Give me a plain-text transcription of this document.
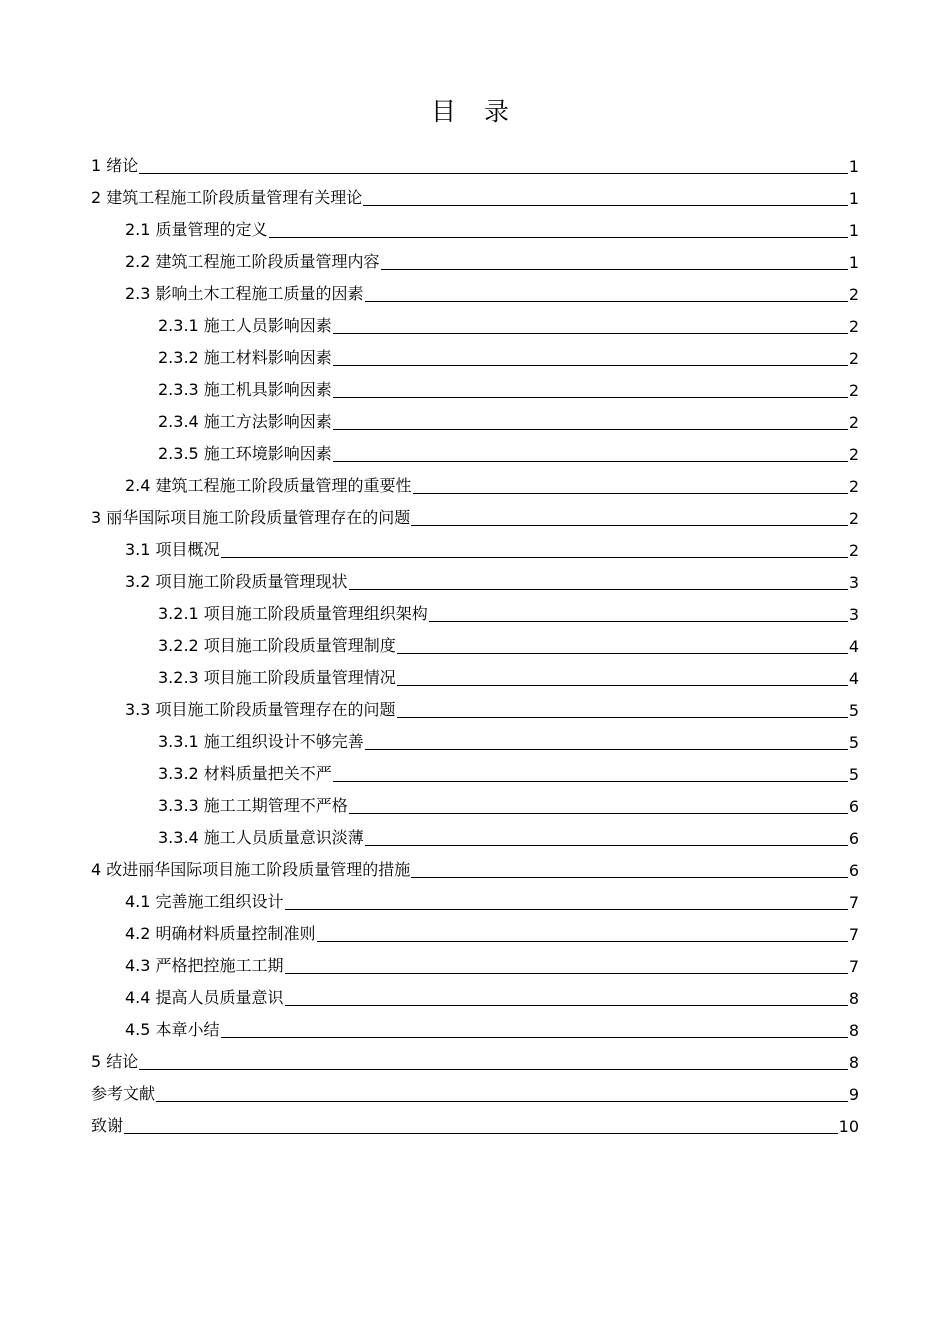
目 录
1 绪论	1
2 建筑工程施工阶段质量管理有关理论	1
2.1 质量管理的定义	1
2.2 建筑工程施工阶段质量管理内容	1
2.3 影响土木工程施工质量的因素	2
2.3.1 施工人员影响因素	2
2.3.2 施工材料影响因素	2
2.3.3 施工机具影响因素	2
2.3.4 施工方法影响因素	2
2.3.5 施工环境影响因素	2
2.4 建筑工程施工阶段质量管理的重要性	2
3 丽华国际项目施工阶段质量管理存在的问题	2
3.1 项目概况	2
3.2 项目施工阶段质量管理现状	3
3.2.1 项目施工阶段质量管理组织架构	3
3.2.2 项目施工阶段质量管理制度	4
3.2.3 项目施工阶段质量管理情况	4
3.3 项目施工阶段质量管理存在的问题	5
3.3.1 施工组织设计不够完善	5
3.3.2 材料质量把关不严	5
3.3.3 施工工期管理不严格	6
3.3.4 施工人员质量意识淡薄	6
4 改进丽华国际项目施工阶段质量管理的措施	6
4.1 完善施工组织设计	7
4.2 明确材料质量控制准则	7
4.3 严格把控施工工期	7
4.4 提高人员质量意识	8
4.5 本章小结	8
5 结论	8
参考文献	9
致谢	10
